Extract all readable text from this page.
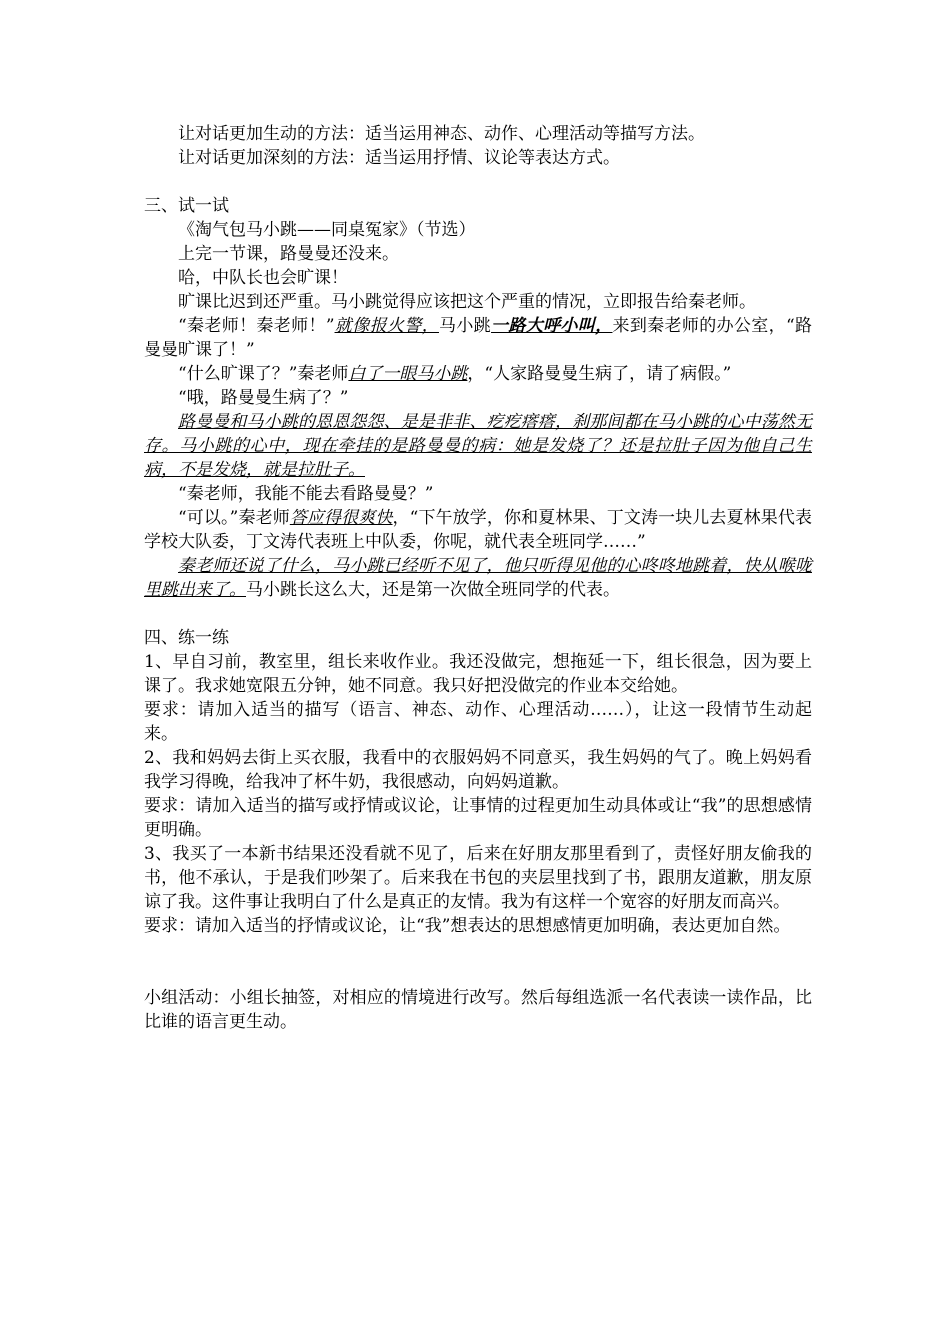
让对话更加生动的方法：适当运用神态、动作、心理活动等描写方法。

让对话更加深刻的方法：适当运用抒情、议论等表达方式。

三、试一试

《淘气包马小跳——同桌冤家》（节选）

上完一节课，路曼曼还没来。

哈，中队长也会旷课！

旷课比迟到还严重。马小跳觉得应该把这个严重的情况，立即报告给秦老师。

“秦老师！秦老师！”就像报火警，马小跳一路大呼小叫，来到秦老师的办公室，“路曼曼旷课了！”

“什么旷课了？”秦老师白了一眼马小跳，“人家路曼曼生病了，请了病假。”

“哦，路曼曼生病了？”

路曼曼和马小跳的恩恩怨怨、是是非非、疙疙瘩瘩，刹那间都在马小跳的心中荡然无存。马小跳的心中，现在牵挂的是路曼曼的病：她是发烧了？还是拉肚子因为他自己生病，不是发烧，就是拉肚子。

“秦老师，我能不能去看路曼曼？”

“可以。”秦老师答应得很爽快，“下午放学，你和夏林果、丁文涛一块儿去夏林果代表学校大队委，丁文涛代表班上中队委，你呢，就代表全班同学……”

秦老师还说了什么，马小跳已经听不见了，他只听得见他的心咚咚地跳着，快从喉咙里跳出来了。马小跳长这么大，还是第一次做全班同学的代表。

四、练一练

1、早自习前，教室里，组长来收作业。我还没做完，想拖延一下，组长很急，因为要上课了。我求她宽限五分钟，她不同意。我只好把没做完的作业本交给她。

要求：请加入适当的描写（语言、神态、动作、心理活动……），让这一段情节生动起来。

2、我和妈妈去街上买衣服，我看中的衣服妈妈不同意买，我生妈妈的气了。晚上妈妈看我学习得晚，给我冲了杯牛奶，我很感动，向妈妈道歉。

要求：请加入适当的描写或抒情或议论，让事情的过程更加生动具体或让“我”的思想感情更明确。

3、我买了一本新书结果还没看就不见了，后来在好朋友那里看到了，责怪好朋友偷我的书，他不承认，于是我们吵架了。后来我在书包的夹层里找到了书，跟朋友道歉，朋友原谅了我。这件事让我明白了什么是真正的友情。我为有这样一个宽容的好朋友而高兴。

要求：请加入适当的抒情或议论，让“我”想表达的思想感情更加明确，表达更加自然。

小组活动：小组长抽签，对相应的情境进行改写。然后每组选派一名代表读一读作品，比比谁的语言更生动。
